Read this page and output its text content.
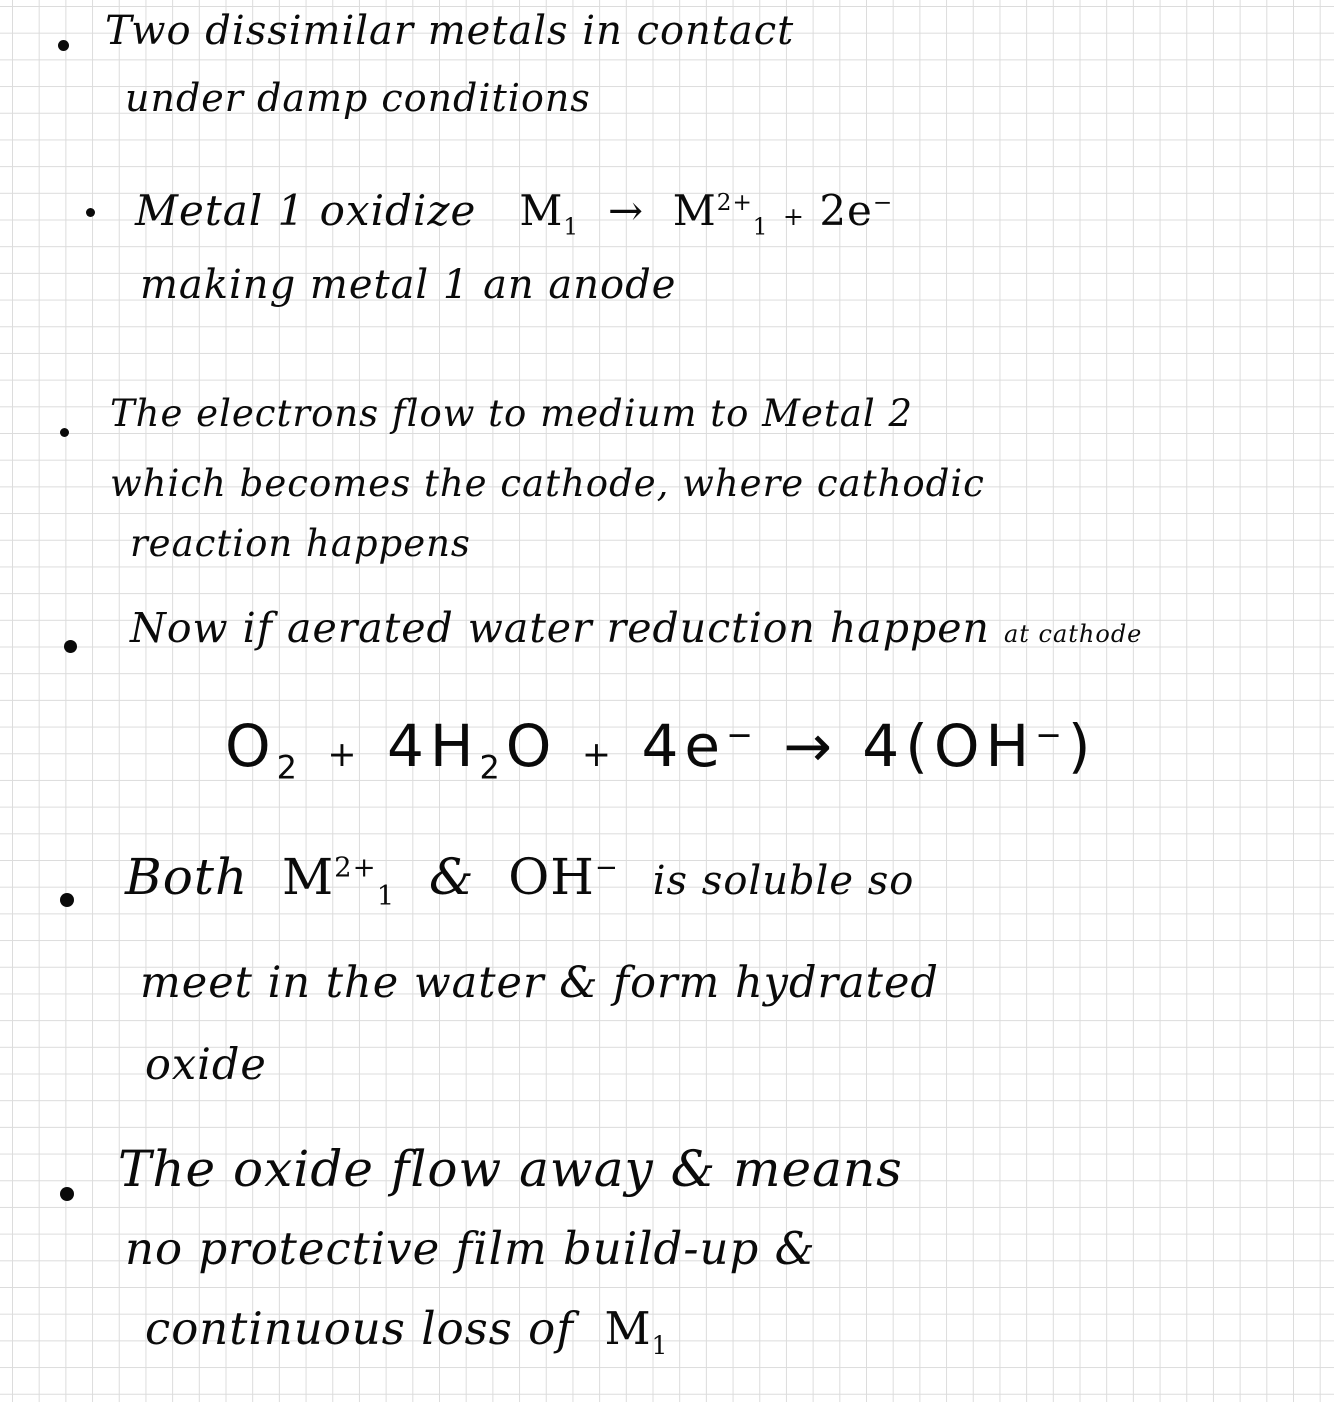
Two dissimilar metals in contact
under damp conditions
Metal 1 oxidize $M_1 \to M^{2+}_1 + 2e^-$
making metal 1 an anode
The electrons flow to medium to Metal 2
which becomes the cathode, where cathodic
reaction happens
Now if aerated water reduction happen at cathode
$O_2 + 4H_2O + 4e^- \to 4(OH^-)$
Both $M^{2+}_1$ & OH− is soluble so
meet in the water & form hydrated
oxide
The oxide flow away & means
no protective film build-up &
continuous loss of $M_1$
